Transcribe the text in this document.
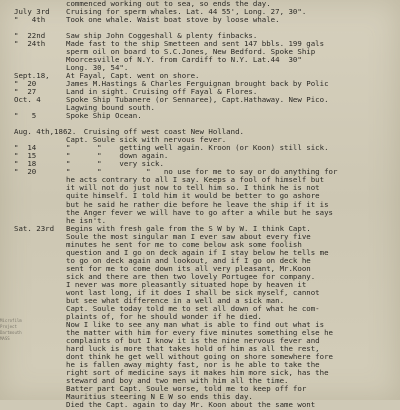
commenced working out to sea, so ends the day.
July 3rd	Cruising for sperm whales. Lat. 44 55', Long. 27, 30".
"   4th	Took one whale. Waist boat stove by loose whale.
"  22nd	Saw ship John Coggeshall & plenty finbacks.
"  24th	Made fast to the ship Smetteen and sent 147 bbls. 199 gals
sperm oil on board to S.C.Jones, New Bedford. Spoke Ship
Moorcesville of N.Y. from Cardiff to N.Y. Lat.44  30"
Long. 30, 54".
Sept.18,	At Fayal, Capt. went on shore.
"  20	James M.Hastings & Charles Ferguignan brought back by Polic
"  27	Land in sight. Cruising off Fayal & Flores.
Oct. 4	Spoke Ship Tubanere (or Sennaree), Capt.Hathaway. New Pico.
Lagwing bound south.
"   5	Spoke Ship Ocean.
Aug. 4th,1862.
Cruising off west coast New Holland.
Capt. Soule sick with nervous fever.
"  14	"      "    getting well again. Kroon (or Koon) still sick.
"  15	"      "    down again.
"  18	"      "    very sick.
"  20	"      "          "   no use for me to say or do anything for
he acts contrary to all I say. Keeps a fool of himself but
it will not do just now to tell him so. I think he is not
quite himself. I told him it would be better to go ashore
but he said he rather die before he leave the ship if it is
the Anger fever we will have to go after a while but he says
he isn't.
Sat. 23rd	Begins with fresh gale from the S W by W. I think Capt.
Soule the most singular man I ever saw about every five
minutes he sent for me to come below ask some foolish
question and I go on deck again if I stay below he tells me
to go on deck again and lookout, and if I go on deck he
sent for me to come down its all very pleasant, Mr.Koon
sick and there are then two lovely Portugee for company.
I never was more pleasantly situated hope by heaven it
wont last long, if it does I shall be sick myself, cannot
but see what difference in a well and a sick man.
Capt. Soule today told me to set all down of what he com-
plaints of, for he should wonder if he died.
Now I like to see any man what is able to find out what is
the matter with him for every five minutes something else he
complaints of but I know it is the nine nervous fever and
hard luck is more that takes hold of him as all the rest,
dont think he get well without going on shore somewhere fore
he is fallen away mighty fast, nor is he able to take the
right sort of medicine says it makes him more sick, has the
steward and boy and two men with him all the time.
Batter part Capt. Soule worse, told me to keep off for
Mauritius steering N E W so ends this day.
Died the Capt. again to day Mr. Koon about the same wont
Microfilm Project Dartmouth MASS
